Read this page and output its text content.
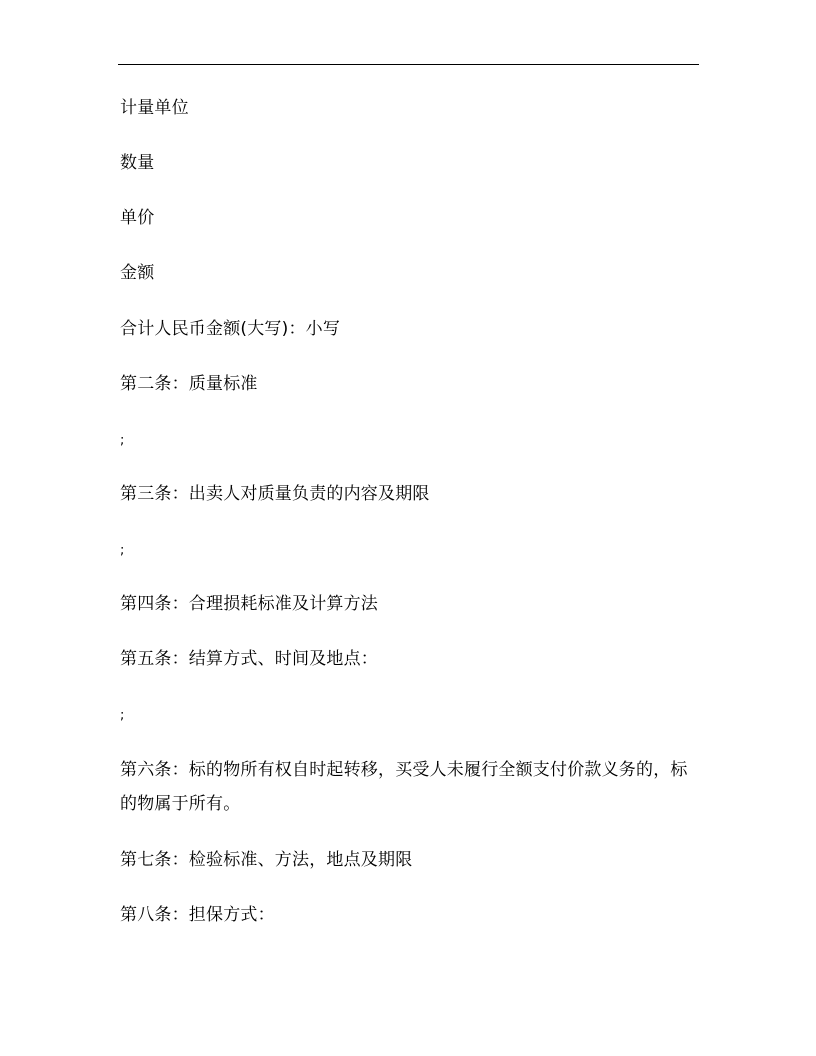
计量单位
数量
单价
金额
合计人民币金额(大写)：小写
第二条：质量标准
;
第三条：出卖人对质量负责的内容及期限
;
第四条：合理损耗标准及计算方法
第五条：结算方式、时间及地点：
;
第六条：标的物所有权自时起转移，买受人未履行全额支付价款义务的，标的物属于所有。
第七条：检验标准、方法，地点及期限
第八条：担保方式：
